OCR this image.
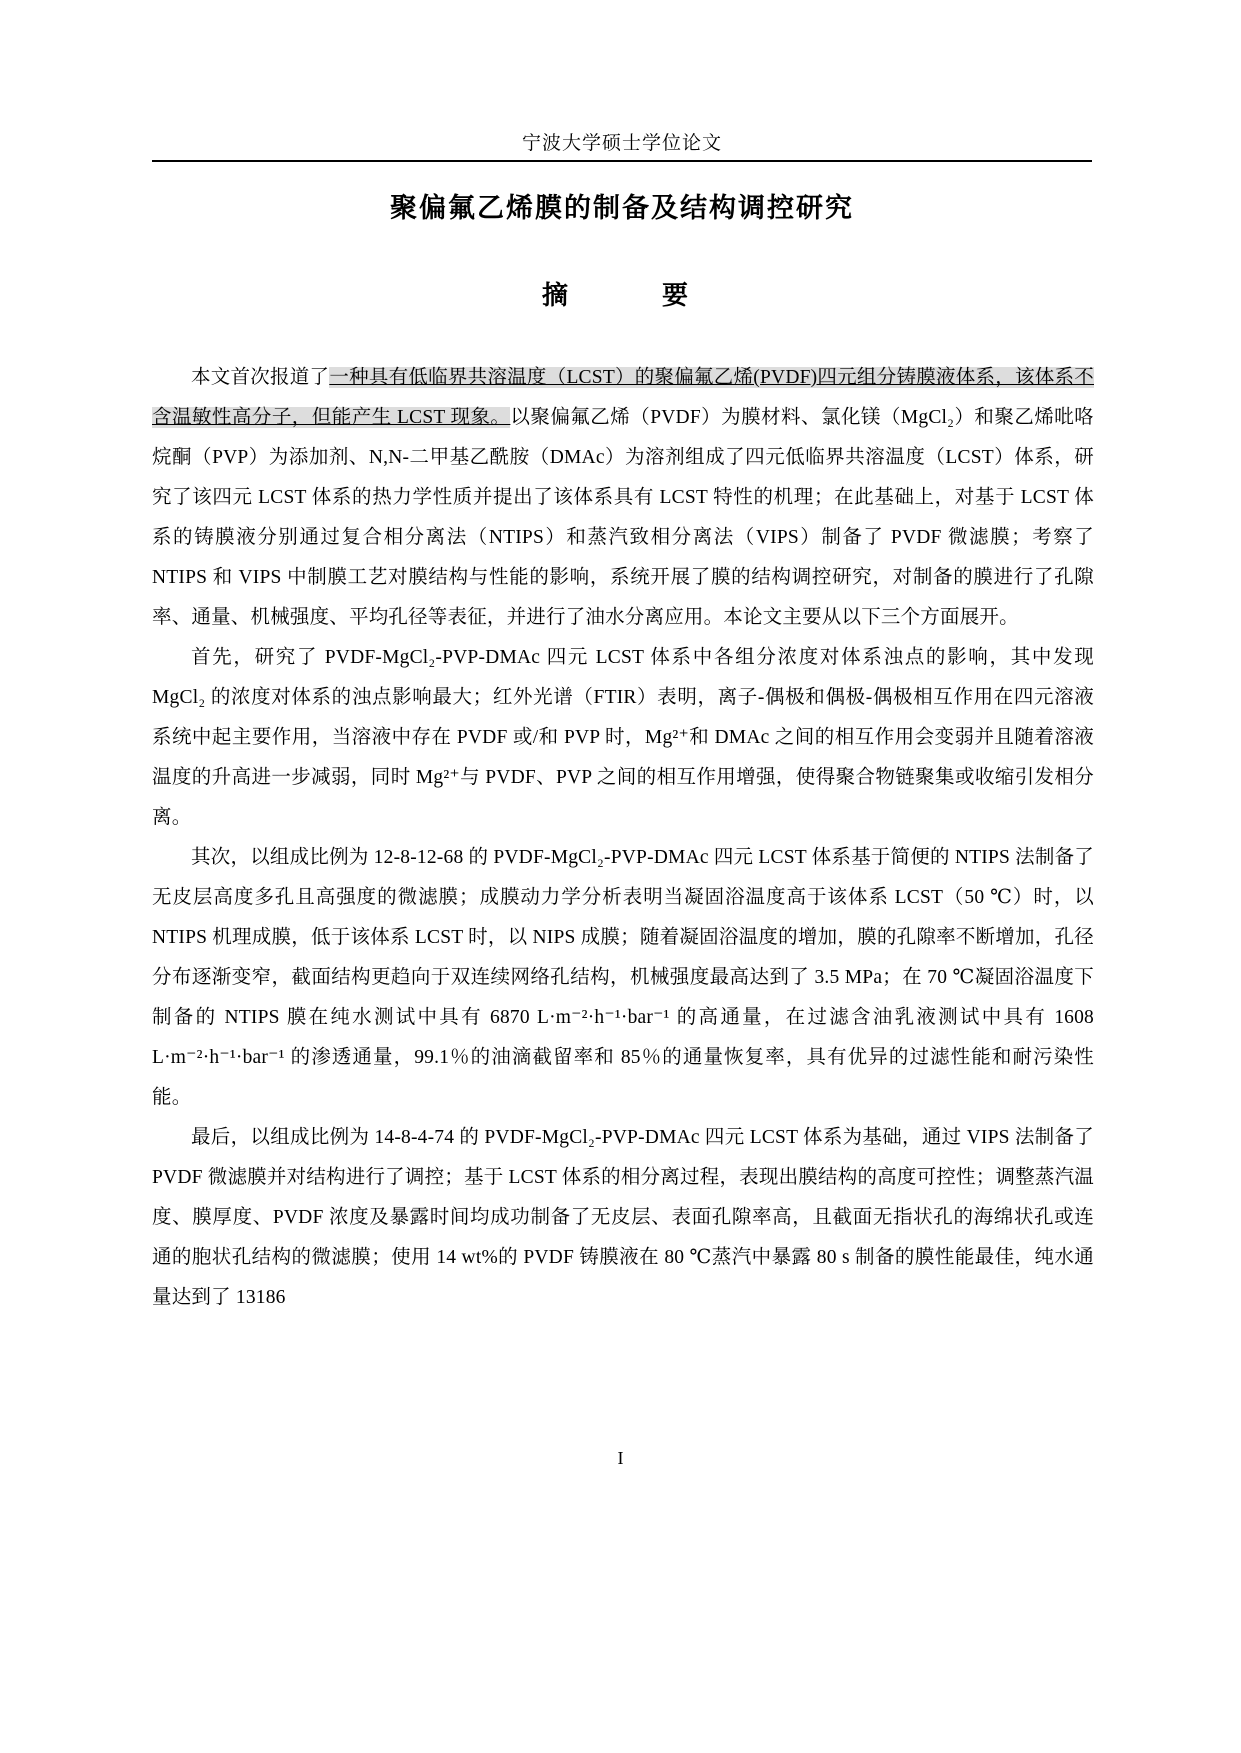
宁波大学硕士学位论文
聚偏氟乙烯膜的制备及结构调控研究
摘　　要

本文首次报道了一种具有低临界共溶温度（LCST）的聚偏氟乙烯(PVDF)四元组分铸膜液体系，该体系不含温敏性高分子，但能产生 LCST 现象。以聚偏氟乙烯（PVDF）为膜材料、氯化镁（MgCl₂）和聚乙烯吡咯烷酮（PVP）为添加剂、N,N-二甲基乙酰胺（DMAc）为溶剂组成了四元低临界共溶温度（LCST）体系，研究了该四元 LCST 体系的热力学性质并提出了该体系具有 LCST 特性的机理；在此基础上，对基于 LCST 体系的铸膜液分别通过复合相分离法（NTIPS）和蒸汽致相分离法（VIPS）制备了 PVDF 微滤膜；考察了 NTIPS 和 VIPS 中制膜工艺对膜结构与性能的影响，系统开展了膜的结构调控研究，对制备的膜进行了孔隙率、通量、机械强度、平均孔径等表征，并进行了油水分离应用。本论文主要从以下三个方面展开。

首先，研究了 PVDF-MgCl₂-PVP-DMAc 四元 LCST 体系中各组分浓度对体系浊点的影响，其中发现 MgCl₂ 的浓度对体系的浊点影响最大；红外光谱（FTIR）表明，离子-偶极和偶极-偶极相互作用在四元溶液系统中起主要作用，当溶液中存在 PVDF 或/和 PVP 时，Mg²⁺和 DMAc 之间的相互作用会变弱并且随着溶液温度的升高进一步减弱，同时 Mg²⁺与 PVDF、PVP 之间的相互作用增强，使得聚合物链聚集或收缩引发相分离。

其次，以组成比例为 12-8-12-68 的 PVDF-MgCl₂-PVP-DMAc 四元 LCST 体系基于简便的 NTIPS 法制备了无皮层高度多孔且高强度的微滤膜；成膜动力学分析表明当凝固浴温度高于该体系 LCST（50 ℃）时，以 NTIPS 机理成膜，低于该体系 LCST 时，以 NIPS 成膜；随着凝固浴温度的增加，膜的孔隙率不断增加，孔径分布逐渐变窄，截面结构更趋向于双连续网络孔结构，机械强度最高达到了 3.5 MPa；在 70 ℃凝固浴温度下制备的 NTIPS 膜在纯水测试中具有 6870 L·m⁻²·h⁻¹·bar⁻¹ 的高通量，在过滤含油乳液测试中具有 1608 L·m⁻²·h⁻¹·bar⁻¹ 的渗透通量，99.1％的油滴截留率和 85％的通量恢复率，具有优异的过滤性能和耐污染性能。

最后，以组成比例为 14-8-4-74 的 PVDF-MgCl₂-PVP-DMAc 四元 LCST 体系为基础，通过 VIPS 法制备了 PVDF 微滤膜并对结构进行了调控；基于 LCST 体系的相分离过程，表现出膜结构的高度可控性；调整蒸汽温度、膜厚度、PVDF 浓度及暴露时间均成功制备了无皮层、表面孔隙率高，且截面无指状孔的海绵状孔或连通的胞状孔结构的微滤膜；使用 14 wt%的 PVDF 铸膜液在 80 ℃蒸汽中暴露 80 s 制备的膜性能最佳，纯水通量达到了 13186

I
